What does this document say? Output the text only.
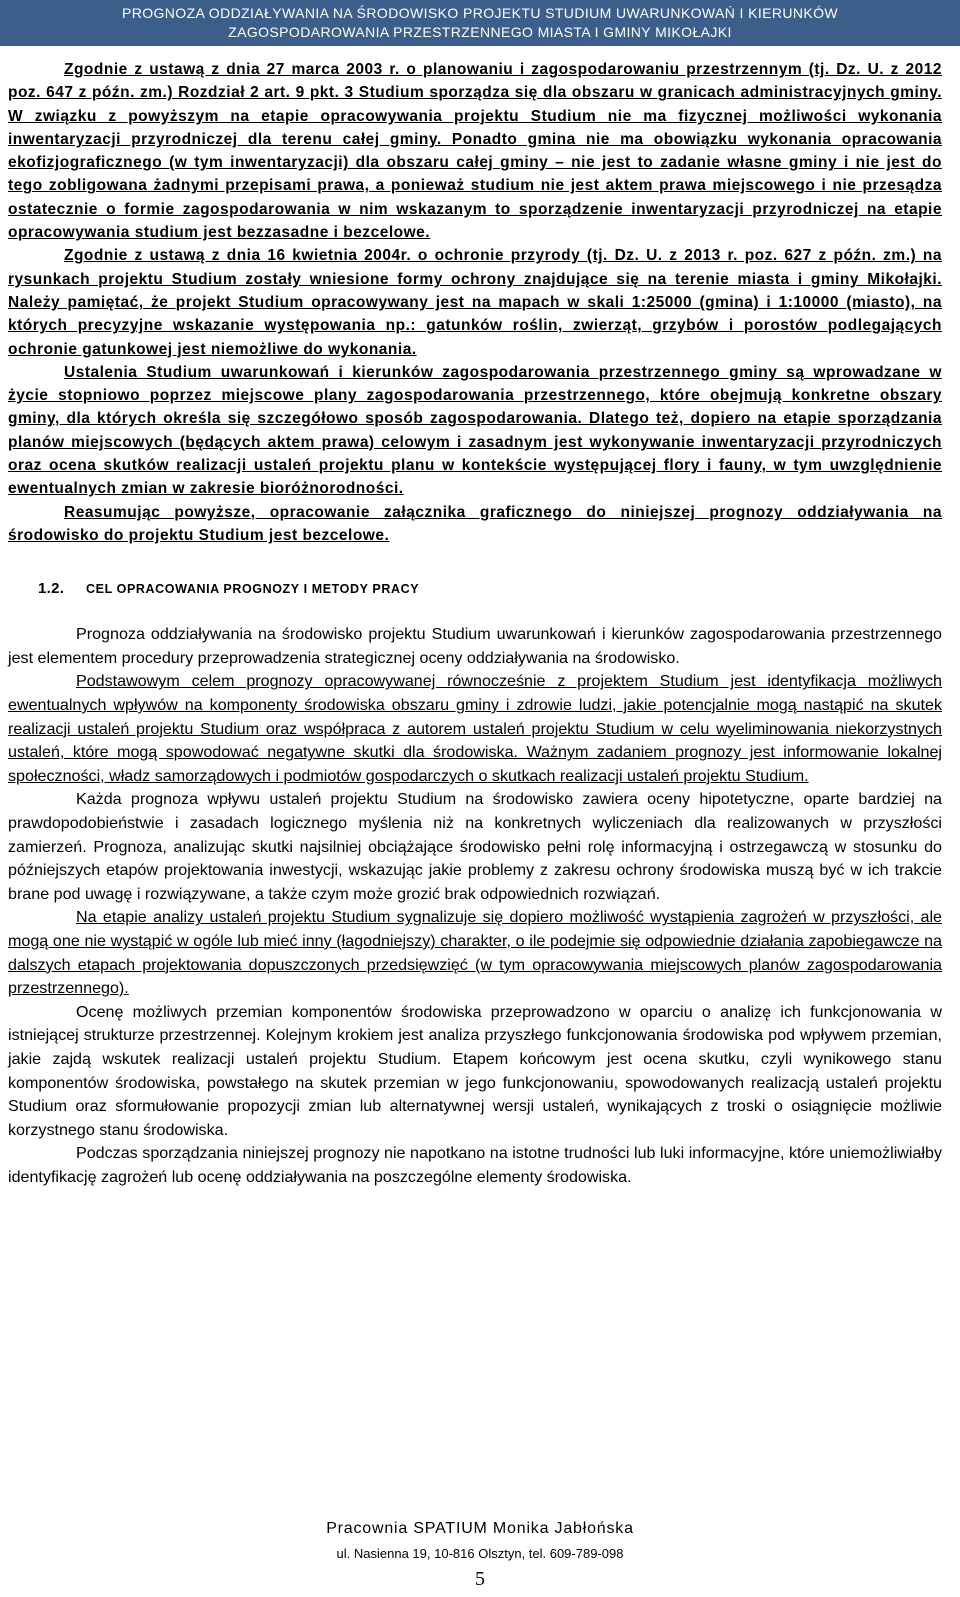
PROGNOZA ODDZIAŁYWANIA NA ŚRODOWISKO PROJEKTU STUDIUM UWARUNKOWAŃ I KIERUNKÓW
ZAGOSPODAROWANIA PRZESTRZENNEGO MIASTA I GMINY MIKOŁAJKI

Zgodnie z ustawą z dnia 27 marca 2003 r. o planowaniu i zagospodarowaniu przestrzennym (tj. Dz. U. z 2012 poz. 647 z późn. zm.) Rozdział 2 art. 9 pkt. 3 Studium sporządza się dla obszaru w granicach administracyjnych gminy. W związku z powyższym na etapie opracowywania projektu Studium nie ma fizycznej możliwości wykonania inwentaryzacji przyrodniczej dla terenu całej gminy. Ponadto gmina nie ma obowiązku wykonania opracowania ekofizjograficznego (w tym inwentaryzacji) dla obszaru całej gminy – nie jest to zadanie własne gminy i nie jest do tego zobligowana żadnymi przepisami prawa, a ponieważ studium nie jest aktem prawa miejscowego i nie przesądza ostatecznie o formie zagospodarowania w nim wskazanym to sporządzenie inwentaryzacji przyrodniczej na etapie opracowywania studium jest bezzasadne i bezcelowe.

Zgodnie z ustawą z dnia 16 kwietnia 2004r. o ochronie przyrody (tj. Dz. U. z 2013 r. poz. 627 z późn. zm.) na rysunkach projektu Studium zostały wniesione formy ochrony znajdujące się na terenie miasta i gminy Mikołajki. Należy pamiętać, że projekt Studium opracowywany jest na mapach w skali 1:25000 (gmina) i 1:10000 (miasto), na których precyzyjne wskazanie występowania np.: gatunków roślin, zwierząt, grzybów i porostów podlegających ochronie gatunkowej jest niemożliwe do wykonania.

Ustalenia Studium uwarunkowań i kierunków zagospodarowania przestrzennego gminy są wprowadzane w życie stopniowo poprzez miejscowe plany zagospodarowania przestrzennego, które obejmują konkretne obszary gminy, dla których określa się szczegółowo sposób zagospodarowania. Dlatego też, dopiero na etapie sporządzania planów miejscowych (będących aktem prawa) celowym i zasadnym jest wykonywanie inwentaryzacji przyrodniczych oraz ocena skutków realizacji ustaleń projektu planu w kontekście występującej flory i fauny, w tym uwzględnienie ewentualnych zmian w zakresie bioróżnorodności.

Reasumując powyższe, opracowanie załącznika graficznego do niniejszej prognozy oddziaływania na środowisko do projektu Studium jest bezcelowe.

1.2. CEL OPRACOWANIA PROGNOZY I METODY PRACY

Prognoza oddziaływania na środowisko projektu Studium uwarunkowań i kierunków zagospodarowania przestrzennego jest elementem procedury przeprowadzenia strategicznej oceny oddziaływania na środowisko.

Podstawowym celem prognozy opracowywanej równocześnie z projektem Studium jest identyfikacja możliwych ewentualnych wpływów na komponenty środowiska obszaru gminy i zdrowie ludzi, jakie potencjalnie mogą nastąpić na skutek realizacji ustaleń projektu Studium oraz współpraca z autorem ustaleń projektu Studium w celu wyeliminowania niekorzystnych ustaleń, które mogą spowodować negatywne skutki dla środowiska. Ważnym zadaniem prognozy jest informowanie lokalnej społeczności, władz samorządowych i podmiotów gospodarczych o skutkach realizacji ustaleń projektu Studium.

Każda prognoza wpływu ustaleń projektu Studium na środowisko zawiera oceny hipotetyczne, oparte bardziej na prawdopodobieństwie i zasadach logicznego myślenia niż na konkretnych wyliczeniach dla realizowanych w przyszłości zamierzeń. Prognoza, analizując skutki najsilniej obciążające środowisko pełni rolę informacyjną i ostrzegawczą w stosunku do późniejszych etapów projektowania inwestycji, wskazując jakie problemy z zakresu ochrony środowiska muszą być w ich trakcie brane pod uwagę i rozwiązywane, a także czym może grozić brak odpowiednich rozwiązań.

Na etapie analizy ustaleń projektu Studium sygnalizuje się dopiero możliwość wystąpienia zagrożeń w przyszłości, ale mogą one nie wystąpić w ogóle lub mieć inny (łagodniejszy) charakter, o ile podejmie się odpowiednie działania zapobiegawcze na dalszych etapach projektowania dopuszczonych przedsięwzięć (w tym opracowywania miejscowych planów zagospodarowania przestrzennego).

Ocenę możliwych przemian komponentów środowiska przeprowadzono w oparciu o analizę ich funkcjonowania w istniejącej strukturze przestrzennej. Kolejnym krokiem jest analiza przyszłego funkcjonowania środowiska pod wpływem przemian, jakie zajdą wskutek realizacji ustaleń projektu Studium. Etapem końcowym jest ocena skutku, czyli wynikowego stanu komponentów środowiska, powstałego na skutek przemian w jego funkcjonowaniu, spowodowanych realizacją ustaleń projektu Studium oraz sformułowanie propozycji zmian lub alternatywnej wersji ustaleń, wynikających z troski o osiągnięcie możliwie korzystnego stanu środowiska.

Podczas sporządzania niniejszej prognozy nie napotkano na istotne trudności lub luki informacyjne, które uniemożliwiałby identyfikację zagrożeń lub ocenę oddziaływania na poszczególne elementy środowiska.

Pracownia SPATIUM Monika Jabłońska
ul. Nasienna 19, 10-816 Olsztyn, tel. 609-789-098
5
